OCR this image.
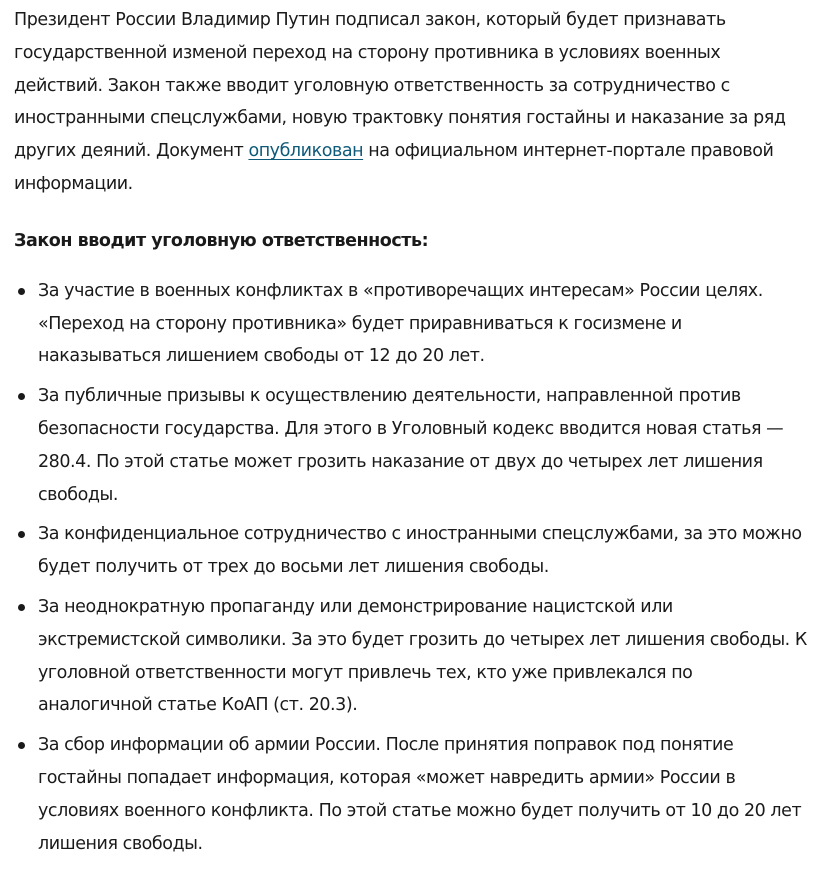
Президент России Владимир Путин подписал закон, который будет признавать государственной изменой переход на сторону противника в условиях военных действий. Закон также вводит уголовную ответственность за сотрудничество с иностранными спецслужбами, новую трактовку понятия гостайны и наказание за ряд других деяний. Документ опубликован на официальном интернет-портале правовой информации.

Закон вводит уголовную ответственность:

За участие в военных конфликтах в «противоречащих интересам» России целях. «Переход на сторону противника» будет приравниваться к госизмене и наказываться лишением свободы от 12 до 20 лет.
За публичные призывы к осуществлению деятельности, направленной против безопасности государства. Для этого в Уголовный кодекс вводится новая статья — 280.4. По этой статье может грозить наказание от двух до четырех лет лишения свободы.
За конфиденциальное сотрудничество с иностранными спецслужбами, за это можно будет получить от трех до восьми лет лишения свободы.
За неоднократную пропаганду или демонстрирование нацистской или экстремистской символики. За это будет грозить до четырех лет лишения свободы. К уголовной ответственности могут привлечь тех, кто уже привлекался по аналогичной статье КоАП (ст. 20.3).
За сбор информации об армии России. После принятия поправок под понятие гостайны попадает информация, которая «может навредить армии» России в условиях военного конфликта. По этой статье можно будет получить от 10 до 20 лет лишения свободы.
